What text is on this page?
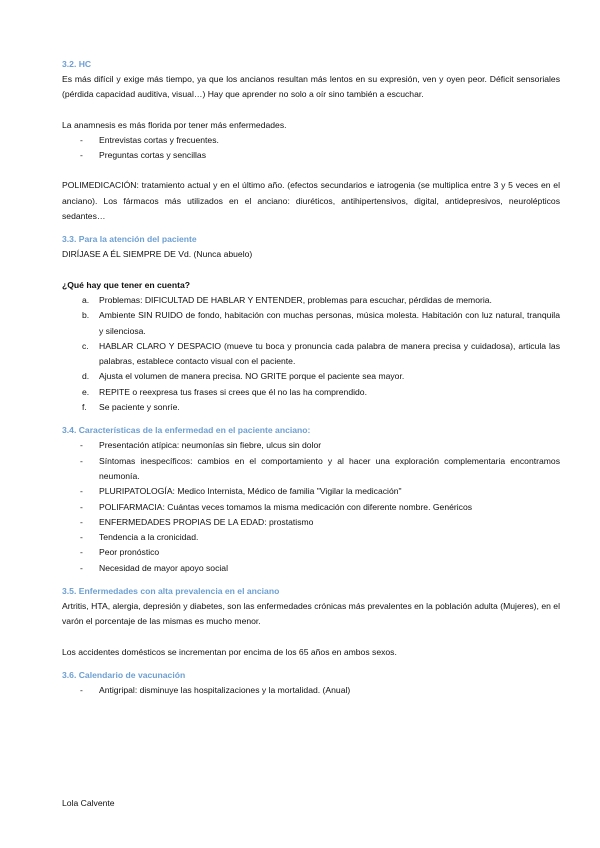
3.2. HC

Es más difícil y exige más tiempo, ya que los ancianos resultan más lentos en su expresión, ven y oyen peor. Déficit sensoriales (pérdida capacidad auditiva, visual…) Hay que aprender no solo a oír sino también a escuchar.

La anamnesis es más florida por tener más enfermedades.

- Entrevistas cortas y frecuentes.
- Preguntas cortas y sencillas

POLIMEDICACIÓN: tratamiento actual y en el último año. (efectos secundarios e iatrogenia (se multiplica entre 3 y 5 veces en el anciano). Los fármacos más utilizados en el anciano: diuréticos, antihipertensivos, digital, antidepresivos, neurolépticos sedantes…

3.3. Para la atención del paciente

DIRÍJASE A ÉL SIEMPRE DE Vd. (Nunca abuelo)

¿Qué hay que tener en cuenta?

a. Problemas: DIFICULTAD DE HABLAR Y ENTENDER, problemas para escuchar, pérdidas de memoria.
b. Ambiente SIN RUIDO de fondo, habitación con muchas personas, música molesta. Habitación con luz natural, tranquila y silenciosa.
c. HABLAR CLARO Y DESPACIO (mueve tu boca y pronuncia cada palabra de manera precisa y cuidadosa), articula las palabras, establece contacto visual con el paciente.
d. Ajusta el volumen de manera precisa. NO GRITE porque el paciente sea mayor.
e. REPITE o reexpresa tus frases si crees que él no las ha comprendido.
f. Se paciente y sonríe.

3.4. Características de la enfermedad en el paciente anciano:

- Presentación atípica: neumonías sin fiebre, ulcus sin dolor
- Síntomas inespecíficos: cambios en el comportamiento y al hacer una exploración complementaria encontramos neumonía.
- PLURIPATOLOGÍA: Medico Internista, Médico de familia "Vigilar la medicación"
- POLIFARMACIA: Cuántas veces tomamos la misma medicación con diferente nombre. Genéricos
- ENFERMEDADES PROPIAS DE LA EDAD: prostatismo
- Tendencia a la cronicidad.
- Peor pronóstico
- Necesidad de mayor apoyo social

3.5. Enfermedades con alta prevalencia en el anciano

Artritis, HTA, alergia, depresión y diabetes, son las enfermedades crónicas más prevalentes en la población adulta (Mujeres), en el varón el porcentaje de las mismas es mucho menor.

Los accidentes domésticos se incrementan por encima de los 65 años en ambos sexos.

3.6. Calendario de vacunación

- Antigripal: disminuye las hospitalizaciones y la mortalidad. (Anual)
Lola Calvente
